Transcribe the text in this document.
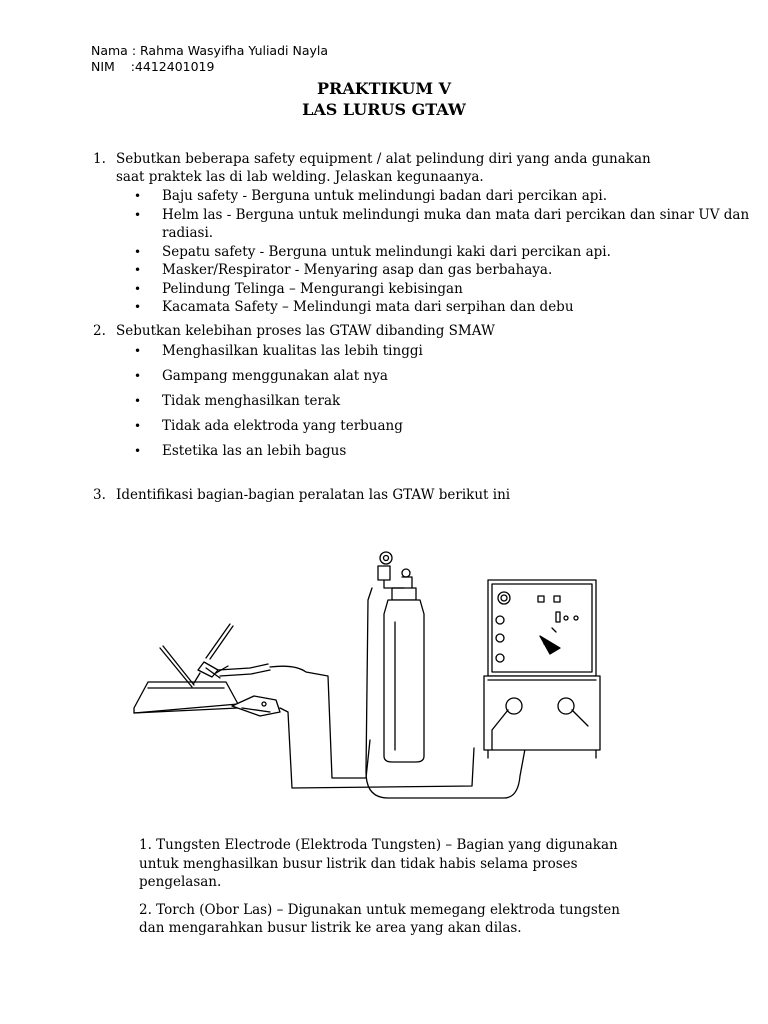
Nama : Rahma Wasyifha Yuliadi Nayla
NIM    :4412401019
PRAKTIKUM V
LAS LURUS GTAW
1. Sebutkan beberapa safety equipment / alat pelindung diri yang anda gunakan saat praktek las di lab welding. Jelaskan kegunaanya.
• Baju safety - Berguna untuk melindungi badan dari percikan api.
• Helm las - Berguna untuk melindungi muka dan mata dari percikan dan sinar UV dan radiasi.
• Sepatu safety - Berguna untuk melindungi kaki dari percikan api.
• Masker/Respirator - Menyaring asap dan gas berbahaya.
• Pelindung Telinga – Mengurangi kebisingan
• Kacamata Safety – Melindungi mata dari serpihan dan debu
2. Sebutkan kelebihan proses las GTAW dibanding SMAW
• Menghasilkan kualitas las lebih tinggi
• Gampang menggunakan alat nya
• Tidak menghasilkan terak
• Tidak ada elektroda yang terbuang
• Estetika las an lebih bagus
3. Identifikasi bagian-bagian peralatan las GTAW berikut ini

1. Tungsten Electrode (Elektroda Tungsten) – Bagian yang digunakan untuk menghasilkan busur listrik dan tidak habis selama proses pengelasan.

2. Torch (Obor Las) – Digunakan untuk memegang elektroda tungsten dan mengarahkan busur listrik ke area yang akan dilas.
